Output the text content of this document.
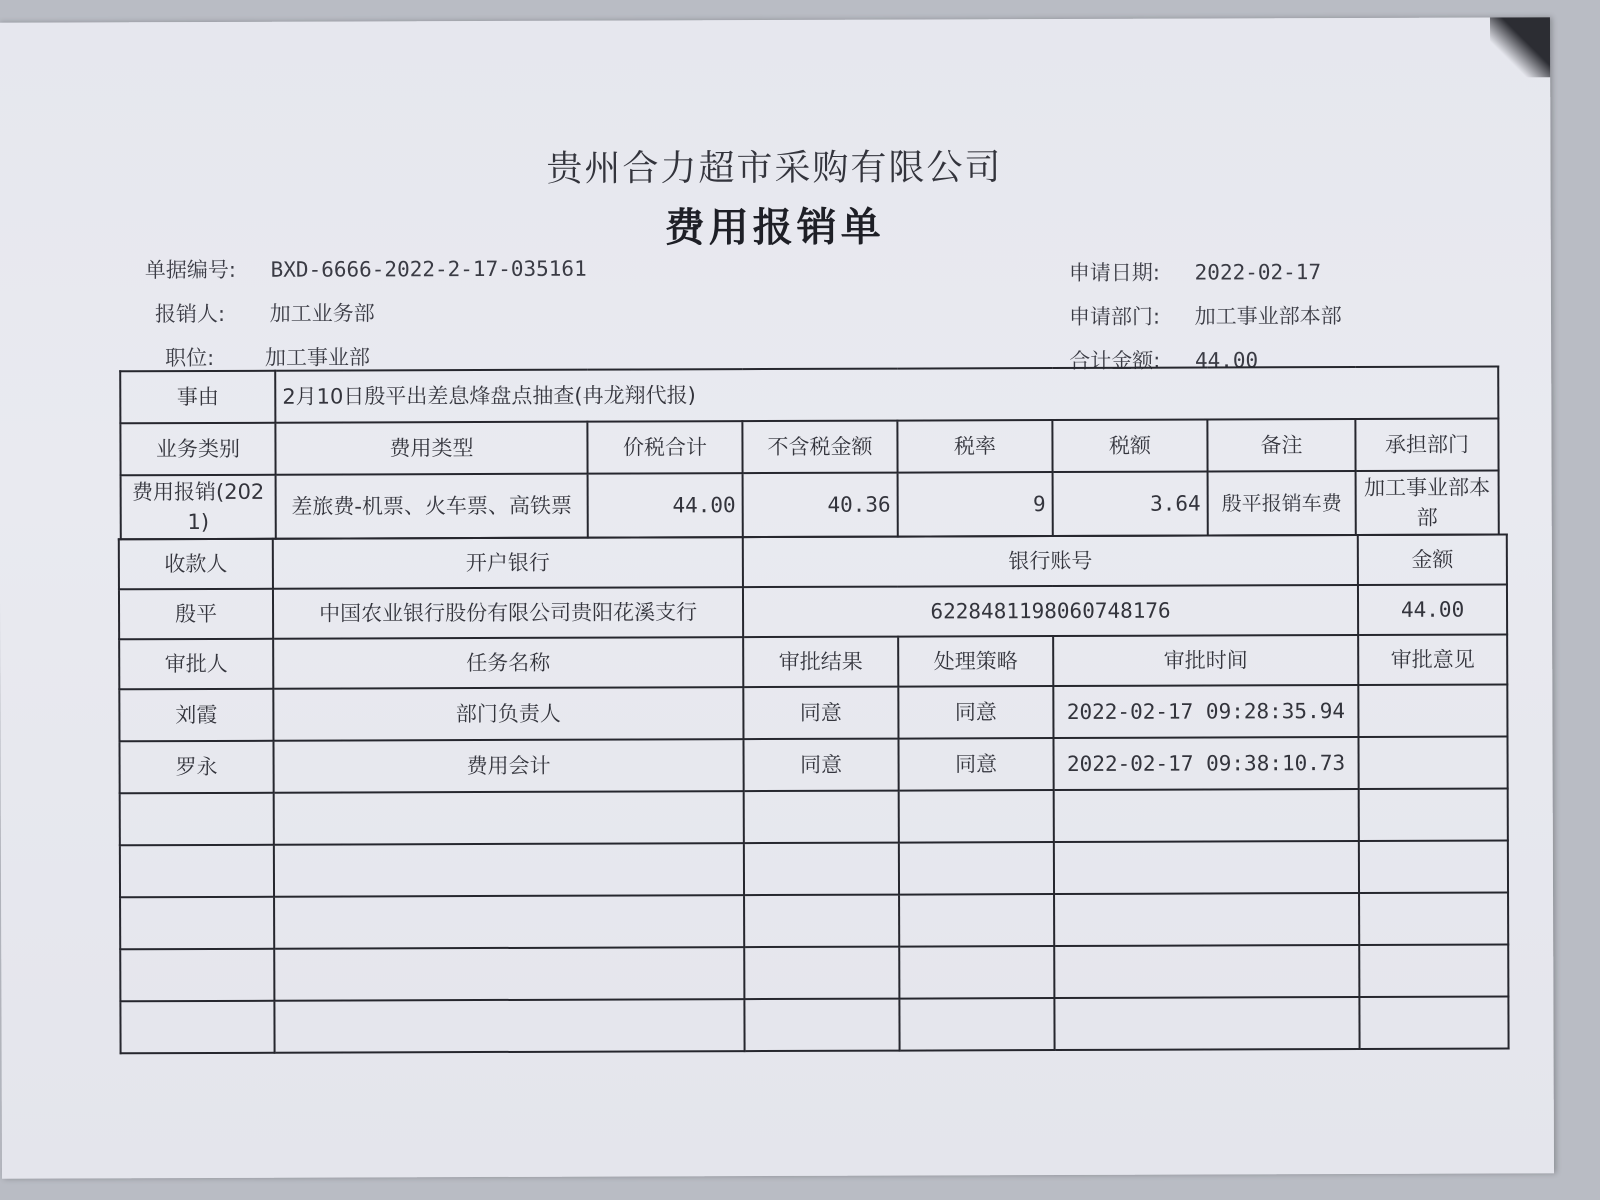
贵州合力超市采购有限公司
费用报销单
单据编号: BXD-6666-2022-2-17-035161
报销人: 加工业务部
职位: 加工事业部
申请日期: 2022-02-17
申请部门: 加工事业部本部
合计金额: 44.00
事由	2月10日殷平出差息烽盘点抽查(冉龙翔代报)						
业务类别	费用类型	价税合计	不含税金额	税率	税额	备注	承担部门
费用报销(2021)	差旅费-机票、火车票、高铁票	44.00	40.36	9	3.64	殷平报销车费	加工事业部本部
收款人	开户银行	银行账号			金额
殷平	中国农业银行股份有限公司贵阳花溪支行	6228481198060748176			44.00
审批人	任务名称	审批结果	处理策略	审批时间	审批意见
刘霞	部门负责人	同意	同意	2022-02-17 09:28:35.94	
罗永	费用会计	同意	同意	2022-02-17 09:38:10.73	
